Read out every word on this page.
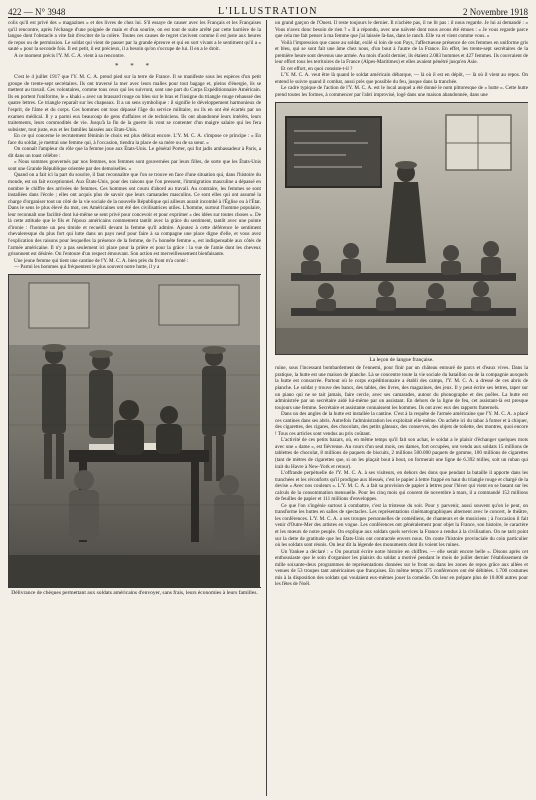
422 — N° 3948	L'ILLUSTRATION	2 Novembre 1918

colis qu'il est privé des « magazines » et des livres de chez lui. S'il essaye de causer avec les Français et les Françaises qu'il rencontre, après l'échange d'une poignée de main et d'un sourire, on est tout de suite arrêté par cette barrière de la langue dont l'obstacle a vite fait d'exciter de la colère. Toutes ces causes de regret s'avivent comme il est juste aux heures de repos ou de permission. Le soldat qui vient de passer par la grande épreuve et qui en sort vivant a le sentiment qu'il a « sauté » pour la seconde fois. Il est petit, il est précieux, il a besoin qu'on s'occupe de lui. Il en a le droit.

A ce moment précis l'Y. M. C. A. vient à sa rencontre.

* * *

C'est le 4 juillet 1917 que l'Y. M. C. A. prend pied sur la terre de France. Il se manifeste sous les espèces d'un petit groupe de trente-sept secrétaires. Ils ont traversé la mer avec leurs malles pour tout bagage et, pleins d'énergie, ils se mettent au travail. Ces volontaires, comme tous ceux qui les suivront, sont une part du Corps Expéditionnaire Américain. Ils en portent l'uniforme, le « khaki » avec un brassard rouge ou bleu sur le bras et l'insigne du triangle rouge rehaussé des quatre lettres. Ce triangle reparaît sur les chapeaux. Il a un sens symbolique : il signifie le développement harmonieux de l'esprit, de l'âme et du corps. Ces hommes ont tous dépassé l'âge du service militaire, ou ils en ont été écartés par un examen médical. Il y a parmi eux beaucoup de gens d'affaires et de techniciens. Ils ont abandonné leurs intérêts, leurs traitements, leurs commodités de vie. Jusqu'à la fin de la guerre ils vont se contenter d'un maigre salaire qui les fera subsister, tout juste, eux et les familles laissées aux Etats-Unis.

En ce qui concerne le recrutement féminin le choix est plus délicat encore. L'Y. M. C. A. s'impose ce principe : « En face du soldat, je mettrai une femme qui, à l'occasion, tiendra la place de sa mère ou de sa sœur. »

On connaît l'ampleur du rôle que la femme joue aux États-Unis. Le général Porter, qui fut jadis ambassadeur à Paris, a dit dans un toast célèbre :

« Nous sommes gouvernés par nos femmes, nos femmes sont gouvernées par leurs filles, de sorte que les États-Unis sont une Grande République orientée par des demoiselles. »

Quand on a fait ici la part du sourire, il faut reconnaître que l'on se trouve en face d'une situation qui, dans l'histoire du monde, est un fait exceptionnel. Aux États-Unis, pour des raisons que l'on pressent, l'immigration masculine a dépassé en nombre le chiffre des arrivées de femmes. Ces hommes ont couru d'abord au travail. Au contraire, les femmes se sont installées dans l'école ; elles ont acquis plus de savoir que leurs camarades masculins. Ce sont elles qui ont assumé la charge d'organiser tout un côté de la vie sociale de la nouvelle République qui ailleurs aurait incombé à l'Église ou à l'État. Dans le sens le plus élevé du mot, ces Américaines ont été des civilisatrices utiles. L'homme, surtout l'homme populaire, leur reconnaît une facilité dont lui-même se sent privé pour concevoir et pour exprimer « des idées sur toutes choses ». De là cette attitude que le fils et l'époux américains commentent tantôt avec la grâce du sentiment, tantôt avec une pointe d'ironie : l'homme un peu timide et recueilli devant la femme qu'il admire. Ajoutez à cette déférence le sentiment chevaleresque du plus fort qui lutte dans un pays neuf pour faire à sa compagne une place digne d'elle, et vous avez l'explication des raisons pour lesquelles la présence de la femme, de l'« honnête femme », est indispensable aux côtés de l'armée américaine. Il n'y a pas seulement ici place pour la prière et pour la grâce : la vue de l'amie dont les cheveux grisonnent est désirée. On l'entoure d'un respect émouvant. Son action est merveilleusement bienfaisante.

Une jeune femme qui tient une cantine de l'Y. M. C. A. bien près du front m'a conté :

— Parmi les hommes qui fréquentent le plus souvent notre hutte, il y a

Délivrance de chèques permettant aux soldats américains d'envoyer, sans frais, leurs économies à leurs familles.

un grand garçon de l'Ouest. Il reste toujours le dernier. Il n'achète pas, il ne lit pas : il nous regarde. Je lui ai demandé : « Vous n'avez donc besoin de rien ? » Il a répondu, avec une naïveté dont nous avons été émues : « Je vous regarde parce que cela me fait penser à ma femme que j'ai laissée là-bas, dans le ranch. Elle va et vient comme vous. »

Voilà l'impression que cause au soldat, exilé si loin de son Pays, l'affectueuse présence de ces femmes en uniforme gris et bleu, qui se sont fait une âme chez nous, d'un bout à l'autre de la France. En effet, les trente-sept secrétaires de la première heure sont devenus une armée. Au mois d'août dernier, ils étaient 2.083 hommes et 427 femmes. Ils couvraient de leur effort tous les territoires de la France (Alpes-Maritimes) et elles avaient pénétré jusqu'en Asie.

Et cet effort, en quoi consiste-t-il ?

L'Y. M. C. A. veut être là quand le soldat américain débarque, — là où il est en dépôt, — là où il vient au repos. On entend le suivre quand il combat, aussi près que possible du feu, jusque dans la tranchée.

Le cadre typique de l'action de l'Y. M. C. A. est le local auquel a été donné le nom pittoresque de « hutte ». Cette hutte prend toutes les formes, à commencer par l'abri improvisé, logé dans une maison abandonnée, dans une

La leçon de langue française.

ruine, sous l'incessant bombardement de l'ennemi, pour finir par un château entouré de parcs et d'eaux vives. Dans la pratique, la hutte est une maison de planche. Là se concentre toute la vie sociale du bataillon ou de la compagnie auxquels la hutte est consacrée. Partout où le corps expéditionnaire a établi des camps, l'Y. M. C. A. a dressé de ces abris de planche. Le soldat y trouve des bancs, des tables, des livres, des magazines, des jeux. Il y peut écrire ses lettres, taper sur un piano qui ne se tait jamais, faire cercle, avec ses camarades, autour du phonographe et des poêles. La hutte est administrée par un secrétaire aidé lui-même par un assistant. En dehors de la ligne de feu, cet assistant-là est presque toujours une femme. Secrétaire et assistante connaissent les hommes. Ils ont avec eux des rapports fraternels.

Dans un des angles de la hutte est installée la cantine. C'est à la requête de l'armée américaine que l'Y. M. C. A. a placé ces cantines dans ses abris. Autrefois l'administration les exploitait elle-même. On achète ici du tabac à fumer et à chiquer, des cigarettes, des cigares, des chocolats, des petits gâteaux, des conserves, des objets de toilette, des montres, quoi encore ! Tous ces articles sont vendus au prix coûtant.

L'activité de ces petits bazars, où, en même temps qu'il fait son achat, le soldat a le plaisir d'échanger quelques mots avec une « dame », est fiévreuse. Au cours d'un seul mois, ces dames, fort occupées, ont vendu aux soldats 15 millions de tablettes de chocolat, 8 millions de paquets de biscuits, 2 millions 500.000 paquets de gomme, 100 millions de cigarettes (tant de mètres de cigarettes que, si on les plaçait bout à bout, on formerait une ligne de 6.392 milles, soit un ruban qui irait du Havre à New-York et retour).

L'offrande perpétuelle de l'Y. M. C. A. à ses visiteurs, en dehors des dons que pendant la bataille il apporte dans les tranchées et les réconforts qu'il prodigue aux blessés, c'est le papier à lettre frappé en haut du triangle rouge et chargé de la devise « Avec nos couleurs ». L'Y. M. C. A. a fait sa provision de papier à lettres pour l'hiver qui vient en se basant sur les calculs de la consommation mensuelle. Pour les cinq mois qui courent de novembre à mars, il a commandé 152 millions de feuilles de papier et 111 millions d'enveloppes.

Ce que l'on s'ingénie surtout à combattre, c'est la tristesse du soir. Pour y parvenir, aussi souvent qu'on le peut, on transforme les huttes en salles de spectacles. Les représentations cinématographiques alternent avec le concert, le théâtre, les conférences. L'Y. M. C. A. a ses troupes personnelles de comédiens, de chanteurs et de musiciens ; à l'occasion il fait venir d'Outre-Mer des artistes en vogue. Les conférences ont généralement pour objet la France, son histoire, le caractère et les mœurs de notre peuple. On explique aux soldats quels services la France a rendus à la civilisation. On ne tarit point sur la dette de gratitude que les États-Unis ont contractée envers nous. On conte l'histoire provinciale du coin particulier où les soldats sont réunis. On leur dit la légende des monuments dont ils voient les ruines.

Un Yankee a déclaré : « On pourrait écrire notre histoire en chiffres. — elle serait encore belle ». Disons après cet enthousiaste que le soin d'organiser les plaisirs du soldat a motivé pendant le mois de juillet dernier l'établissement de mille soixante-deux programmes de représentations données sur le front ou dans les zones de repos grâce aux allées et venues de 53 troupes tant américaines que françaises. En même temps 375 conférences ont été débitées. 1.700 costumes mis à la disposition des soldats qui voulaient eux-mêmes jouer la comédie. On leur en prépare plus de 10.000 autres pour les fêtes de Noël.
